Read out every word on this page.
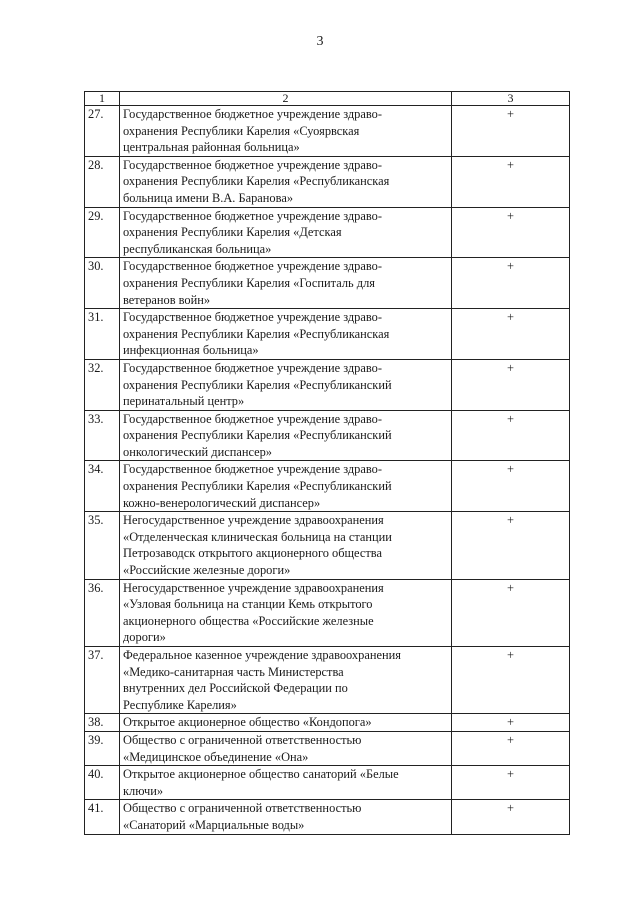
3
1	2	3
27.	Государственное бюджетное учреждение здраво-
охранения Республики Карелия «Суоярвская
центральная районная больница»	+
28.	Государственное бюджетное учреждение здраво-
охранения Республики Карелия «Республиканская
больница имени В.А. Баранова»	+
29.	Государственное бюджетное учреждение здраво-
охранения Республики Карелия «Детская
республиканская больница»	+
30.	Государственное бюджетное учреждение здраво-
охранения Республики Карелия «Госпиталь для
ветеранов войн»	+
31.	Государственное бюджетное учреждение здраво-
охранения Республики Карелия «Республиканская
инфекционная больница»	+
32.	Государственное бюджетное учреждение здраво-
охранения Республики Карелия «Республиканский
перинатальный центр»	+
33.	Государственное бюджетное учреждение здраво-
охранения Республики Карелия «Республиканский
онкологический диспансер»	+
34.	Государственное бюджетное учреждение здраво-
охранения Республики Карелия «Республиканский
кожно-венерологический диспансер»	+
35.	Негосударственное учреждение здравоохранения
«Отделенческая клиническая больница на станции
Петрозаводск открытого акционерного общества
«Российские железные дороги»	+
36.	Негосударственное учреждение здравоохранения
«Узловая больница на станции Кемь открытого
акционерного общества «Российские железные
дороги»	+
37.	Федеральное казенное учреждение здравоохранения
«Медико-санитарная часть Министерства
внутренних дел Российской Федерации по
Республике Карелия»	+
38.	Открытое акционерное общество «Кондопога»	+
39.	Общество с ограниченной ответственностью
«Медицинское объединение «Она»	+
40.	Открытое акционерное общество санаторий «Белые
ключи»	+
41.	Общество с ограниченной ответственностью
«Санаторий «Марциальные воды»	+
